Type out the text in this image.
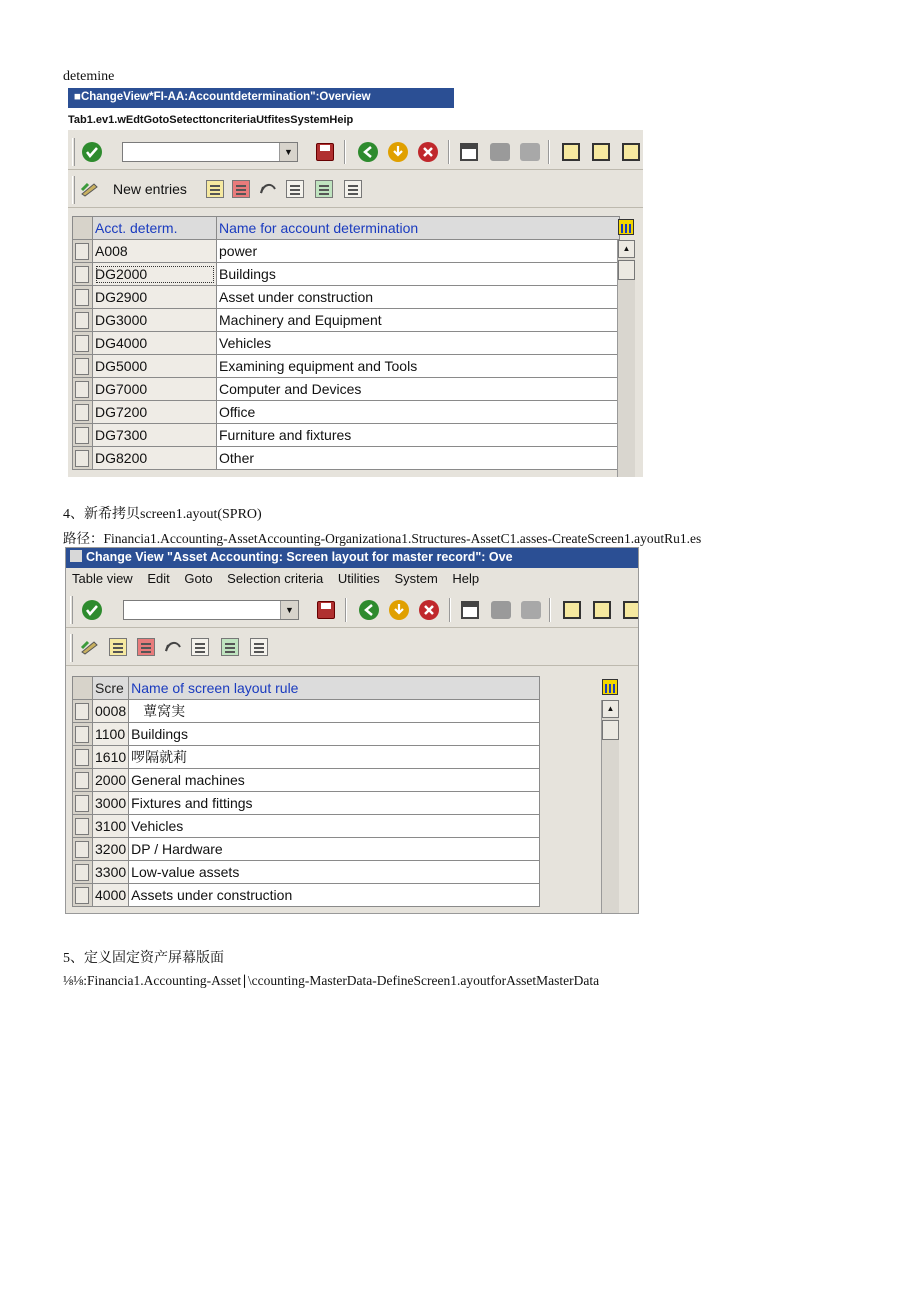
detemine
■ChangeView*FI-AA:Accountdetermination":Overview
Tab1.ev1.wEdtGotoSetecttoncriteriaUtfitesSystemHeip
▼
New entries
	Acct. determ.	Name for account determination

	A008	power

	DG2000	Buildings

	DG2900	Asset under construction

	DG3000	Machinery and Equipment

	DG4000	Vehicles

	DG5000	Examining equipment and Tools

	DG7000	Computer and Devices

	DG7200	Office

	DG7300	Furniture and fixtures

	DG8200	Other
▲
4、新希拷贝screen1.ayout(SPRO)
路径：Financia1.Accounting-AssetAccounting-Organizationa1.Structures-AssetC1.asses-CreateScreen1.ayoutRu1.es
Change View "Asset Accounting: Screen layout for master record": Ove
Table view Edit Goto Selection criteria Utilities System Help
▼
	Scre	Name of screen layout rule

	0008	蕈窝実

	1100	Buildings

	1610	啰隔就莉

	2000	General machines

	3000	Fixtures and fittings

	3100	Vehicles

	3200	DP / Hardware

	3300	Low-value assets

	4000	Assets under construction
▲
5、定义固定资产屏幕版面
⅛⅛:Financia1.Accounting-Asset∣\ccounting-MasterData-DefineScreen1.ayoutforAssetMasterData
